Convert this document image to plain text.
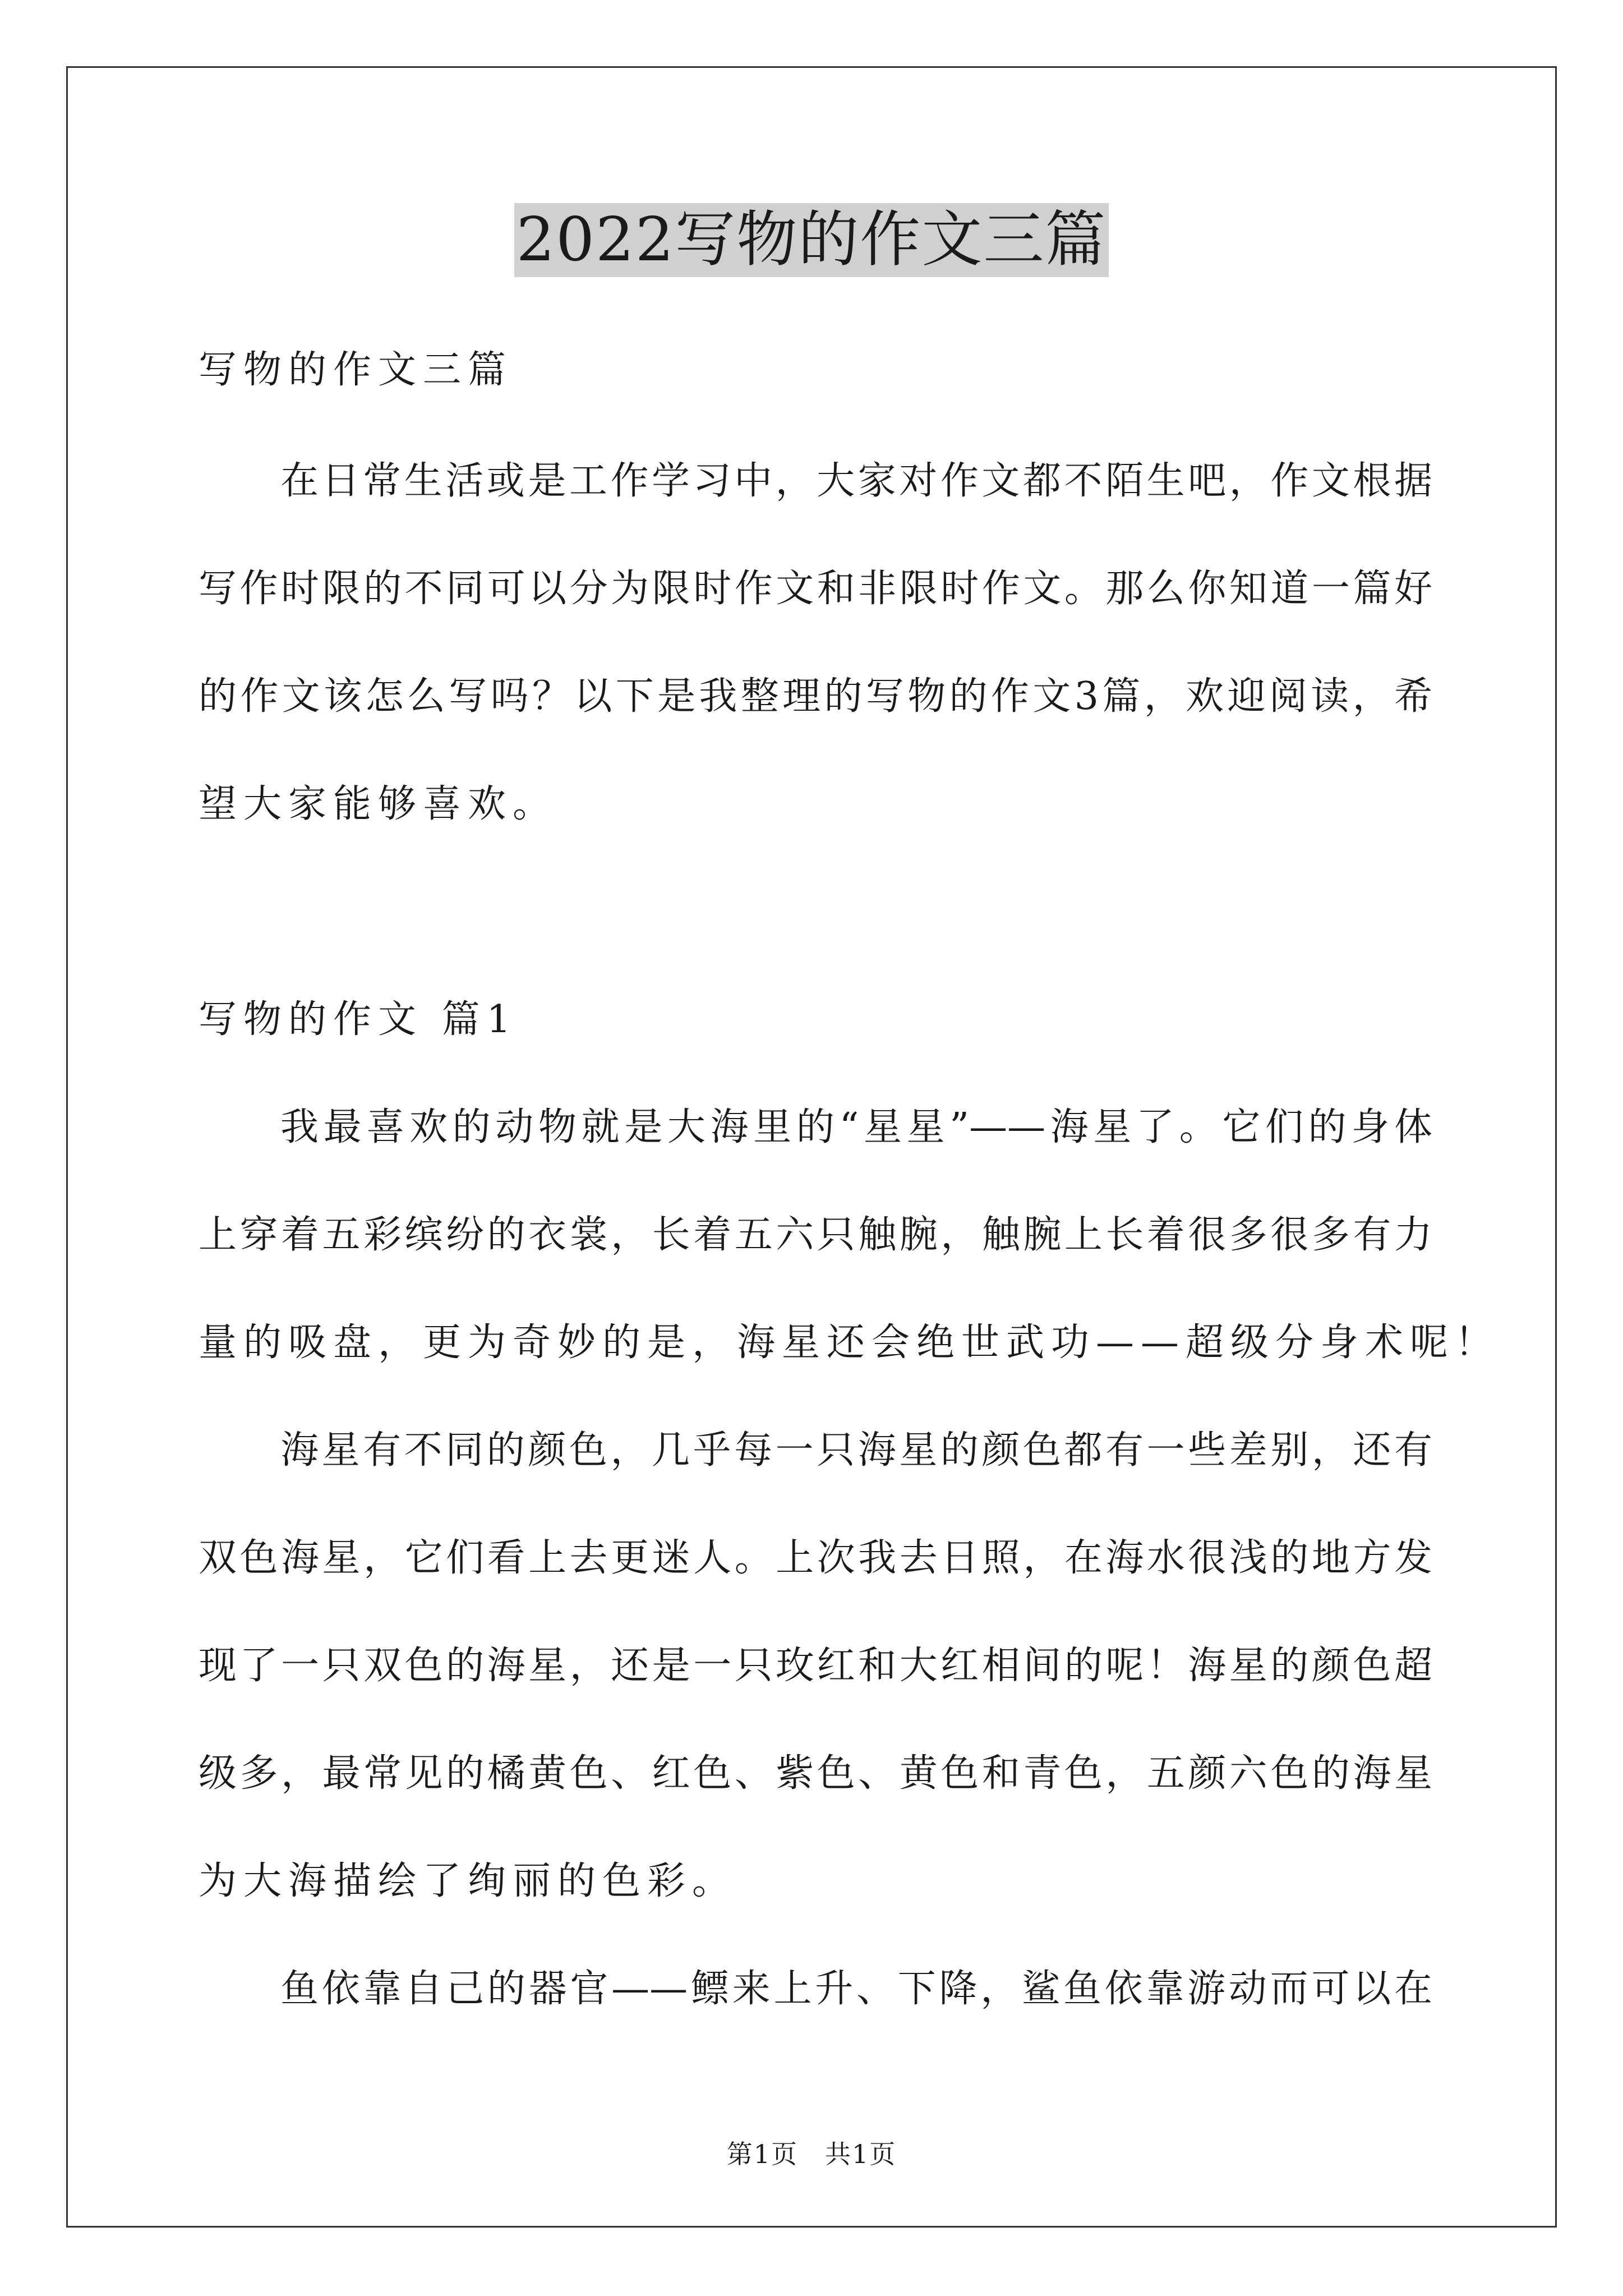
2022写物的作文三篇
写物的作文三篇
在日常生活或是工作学习中，大家对作文都不陌生吧，作文根据
写作时限的不同可以分为限时作文和非限时作文。那么你知道一篇好
的作文该怎么写吗？以下是我整理的写物的作文3篇，欢迎阅读，希
望大家能够喜欢。
写物的作文 篇1
我最喜欢的动物就是大海里的“星星”——海星了。它们的身体
上穿着五彩缤纷的衣裳，长着五六只触腕，触腕上长着很多很多有力
量的吸盘，更为奇妙的是，海星还会绝世武功——超级分身术呢！
海星有不同的颜色，几乎每一只海星的颜色都有一些差别，还有
双色海星，它们看上去更迷人。上次我去日照，在海水很浅的地方发
现了一只双色的海星，还是一只玫红和大红相间的呢！海星的颜色超
级多，最常见的橘黄色、红色、紫色、黄色和青色，五颜六色的海星
为大海描绘了绚丽的色彩。
鱼依靠自己的器官——鳔来上升、下降，鲨鱼依靠游动而可以在
第1页　共1页
